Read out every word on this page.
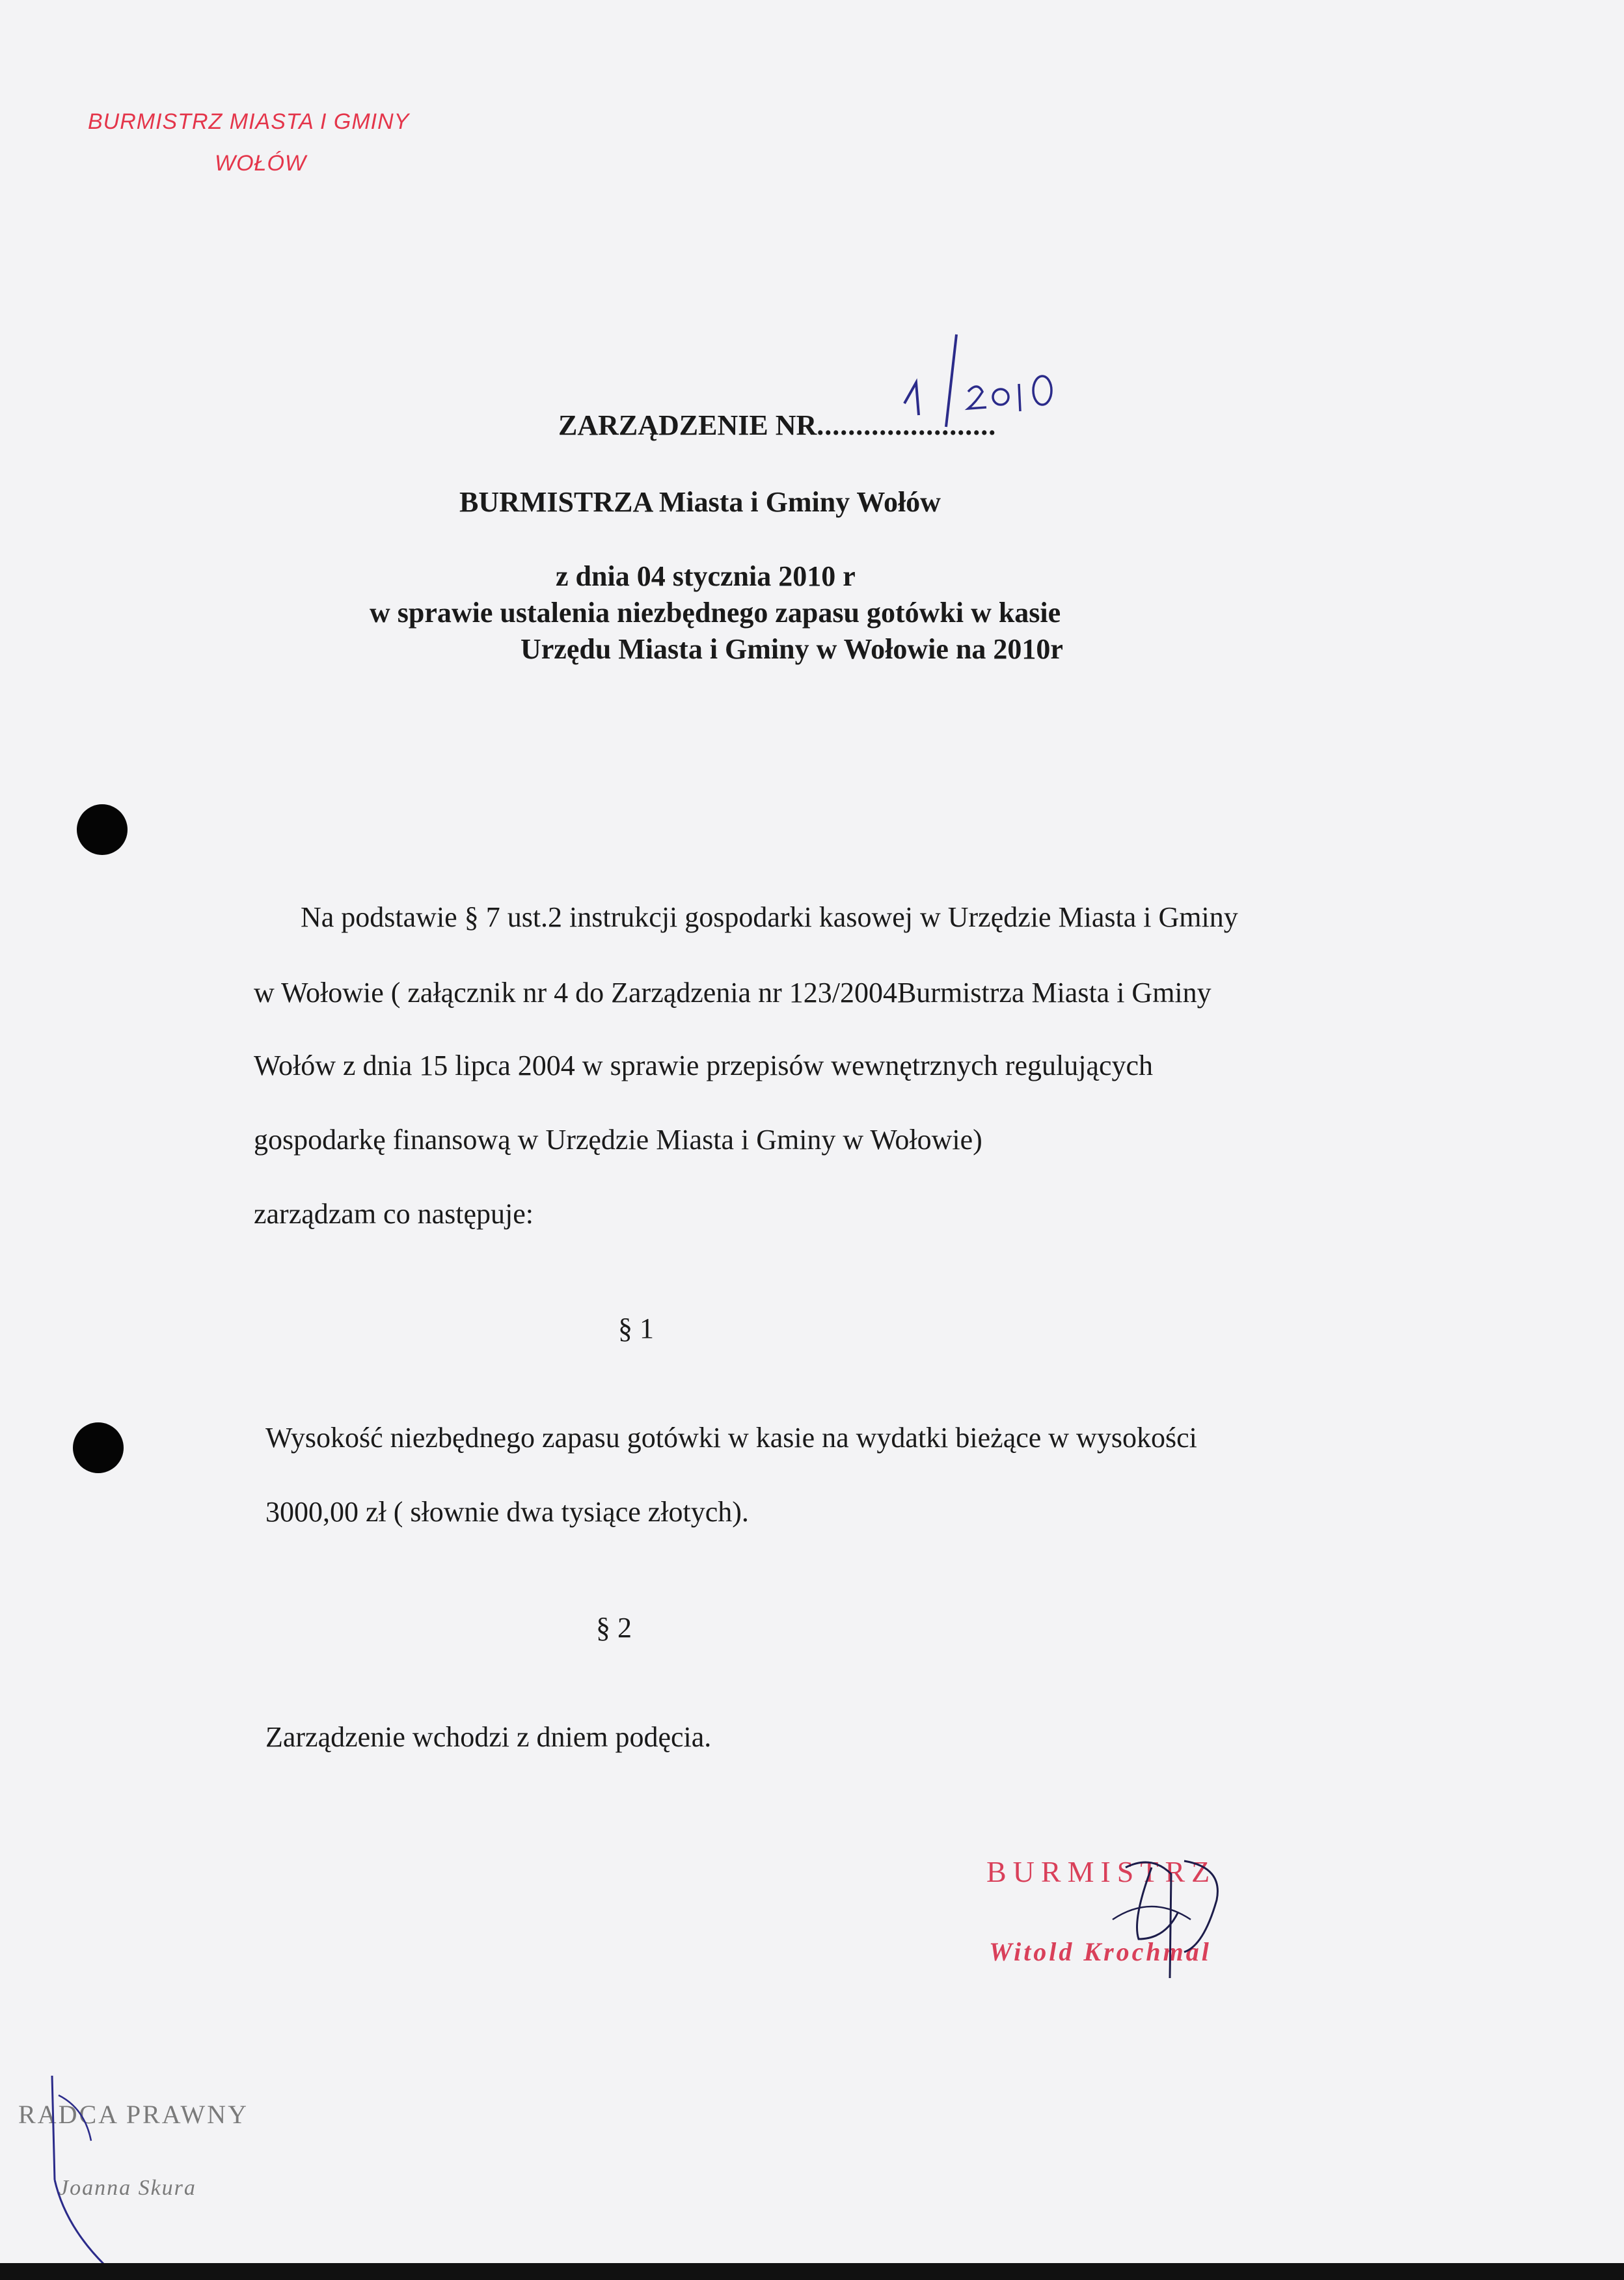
BURMISTRZ MIASTA I GMINY
WOŁÓW
ZARZĄDZENIE NR.......................
BURMISTRZA Miasta i Gminy Wołów
z dnia 04 stycznia 2010 r
w sprawie ustalenia niezbędnego zapasu gotówki w kasie
Urzędu Miasta i Gminy w Wołowie na 2010r
Na podstawie § 7 ust.2 instrukcji gospodarki kasowej w Urzędzie Miasta i Gminy
w Wołowie ( załącznik nr 4 do Zarządzenia nr 123/2004Burmistrza Miasta i Gminy
Wołów z dnia 15 lipca 2004 w sprawie przepisów wewnętrznych regulujących
gospodarkę finansową w Urzędzie Miasta i Gminy w Wołowie)
zarządzam co następuje:
§ 1
Wysokość niezbędnego zapasu gotówki w kasie na wydatki bieżące w wysokości
3000,00 zł ( słownie dwa tysiące złotych).
§ 2
Zarządzenie wchodzi z dniem podęcia.
BURMISTRZ
Witold Krochmal
RADCA PRAWNY
Joanna Skura
